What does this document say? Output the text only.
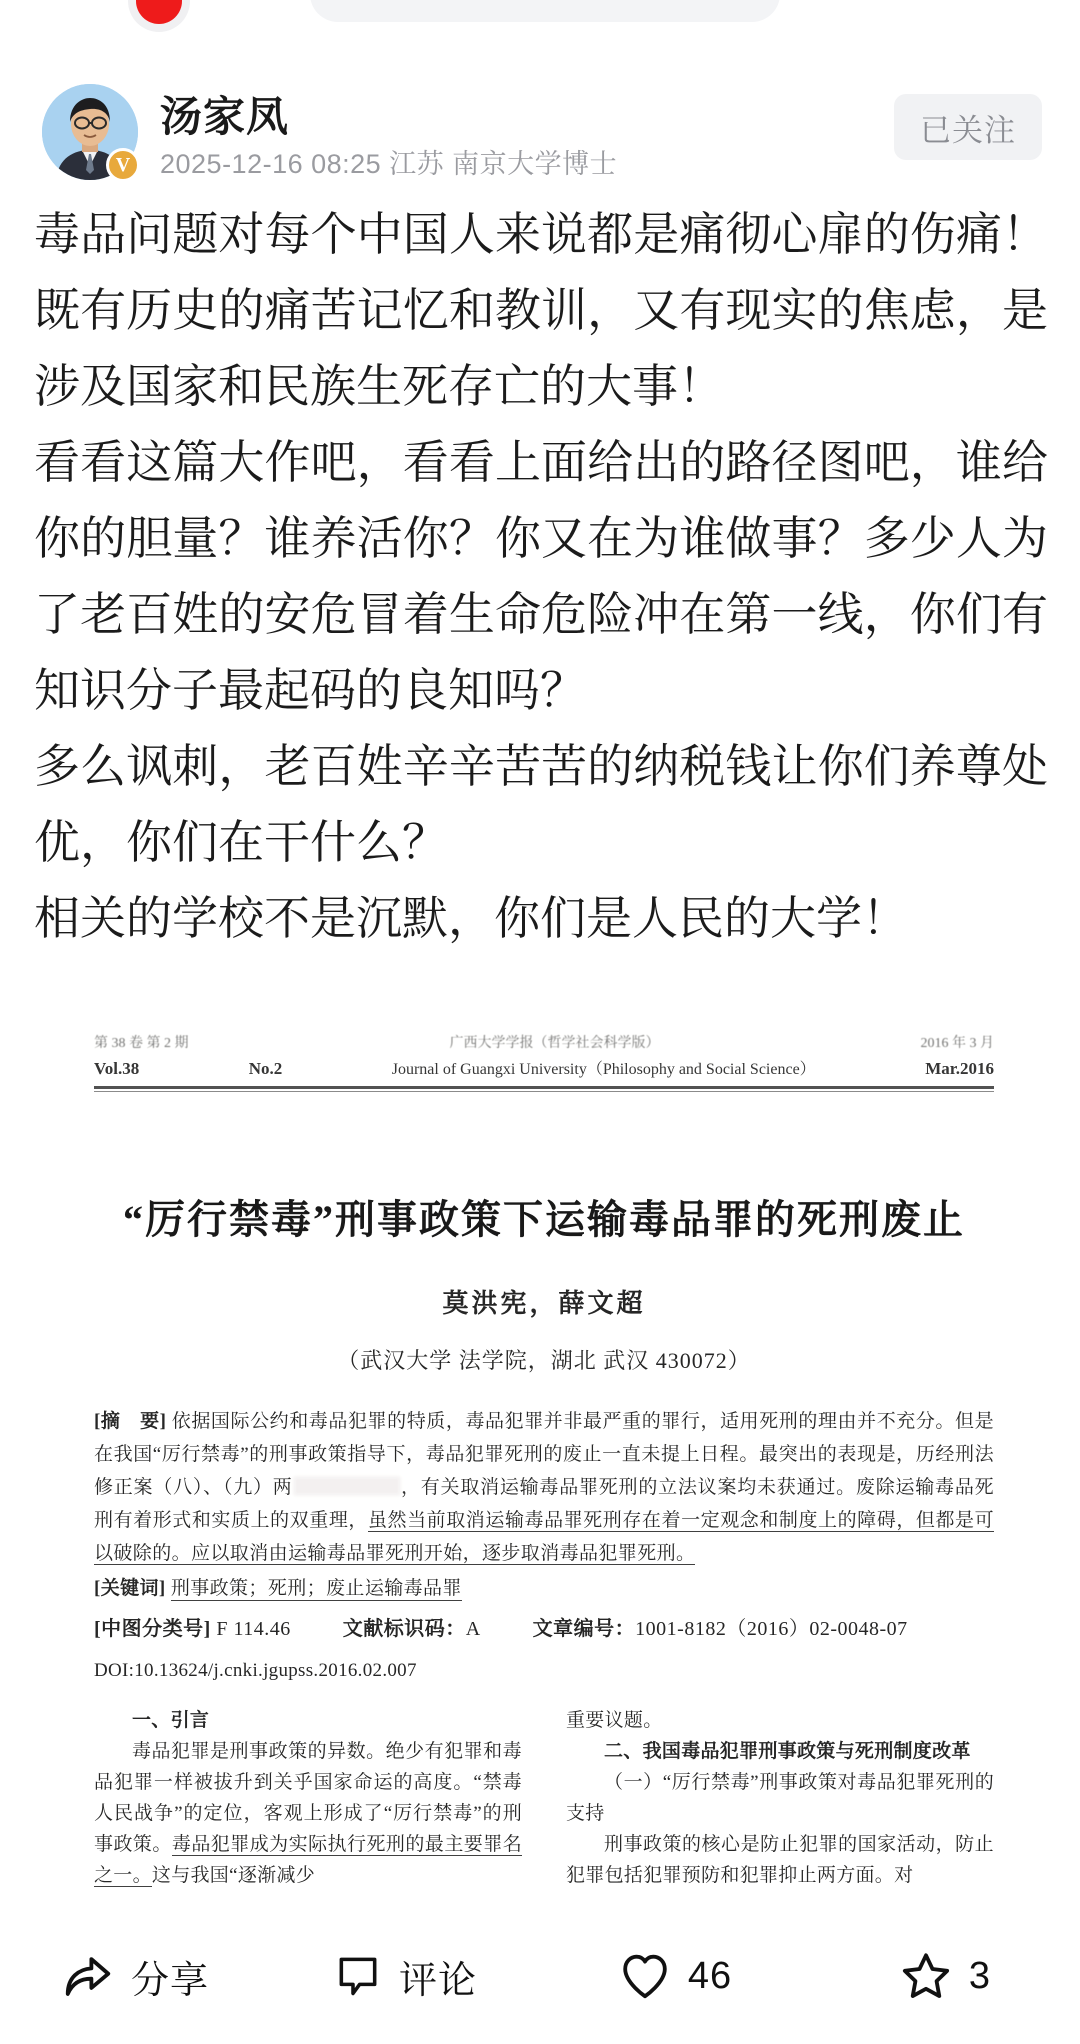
V
汤家凤
2025-12-16 08:25 江苏 南京大学博士
已关注

毒品问题对每个中国人来说都是痛彻心扉的伤痛！既有历史的痛苦记忆和教训，又有现实的焦虑，是涉及国家和民族生死存亡的大事！

看看这篇大作吧，看看上面给出的路径图吧，谁给你的胆量？谁养活你？你又在为谁做事？多少人为了老百姓的安危冒着生命危险冲在第一线，你们有知识分子最起码的良知吗？

多么讽刺，老百姓辛辛苦苦的纳税钱让你们养尊处优，你们在干什么？

相关的学校不是沉默，你们是人民的大学！

第 38 卷 第 2 期	广西大学学报（哲学社会科学版）	2016 年 3 月
Vol.38	No.2	Journal of Guangxi University（Philosophy and Social Science）	Mar.2016
“厉行禁毒”刑事政策下运输毒品罪的死刑废止
莫洪宪，薛文超
（武汉大学 法学院，湖北 武汉 430072）
[摘　要] 依据国际公约和毒品犯罪的特质，毒品犯罪并非最严重的罪行，适用死刑的理由并不充分。但是在我国“厉行禁毒”的刑事政策指导下，毒品犯罪死刑的废止一直未提上日程。最突出的表现是，历经刑法修正案（八）、（九）两	，有关取消运输毒品罪死刑的立法议案均未获通过。废除运输毒品死刑有着形式和实质上的双重理，虽然当前取消运输毒品罪死刑存在着一定观念和制度上的障碍，但都是可以破除的。应以取消由运输毒品罪死刑开始，逐步取消毒品犯罪死刑。
[关键词] 刑事政策；死刑；废止运输毒品罪
[中图分类号] F 114.46	文献标识码：A	文章编号：1001-8182（2016）02-0048-07
DOI:10.13624/j.cnki.jgupss.2016.02.007
一、引言
毒品犯罪是刑事政策的异数。绝少有犯罪和毒品犯罪一样被拔升到关乎国家命运的高度。“禁毒人民战争”的定位，客观上形成了“厉行禁毒”的刑事政策。毒品犯罪成为实际执行死刑的最主要罪名之一。这与我国“逐渐减少
重要议题。
二、我国毒品犯罪刑事政策与死刑制度改革
（一）“厉行禁毒”刑事政策对毒品犯罪死刑的支持
刑事政策的核心是防止犯罪的国家活动，防止犯罪包括犯罪预防和犯罪抑止两方面。对
分享	评论	46	3
